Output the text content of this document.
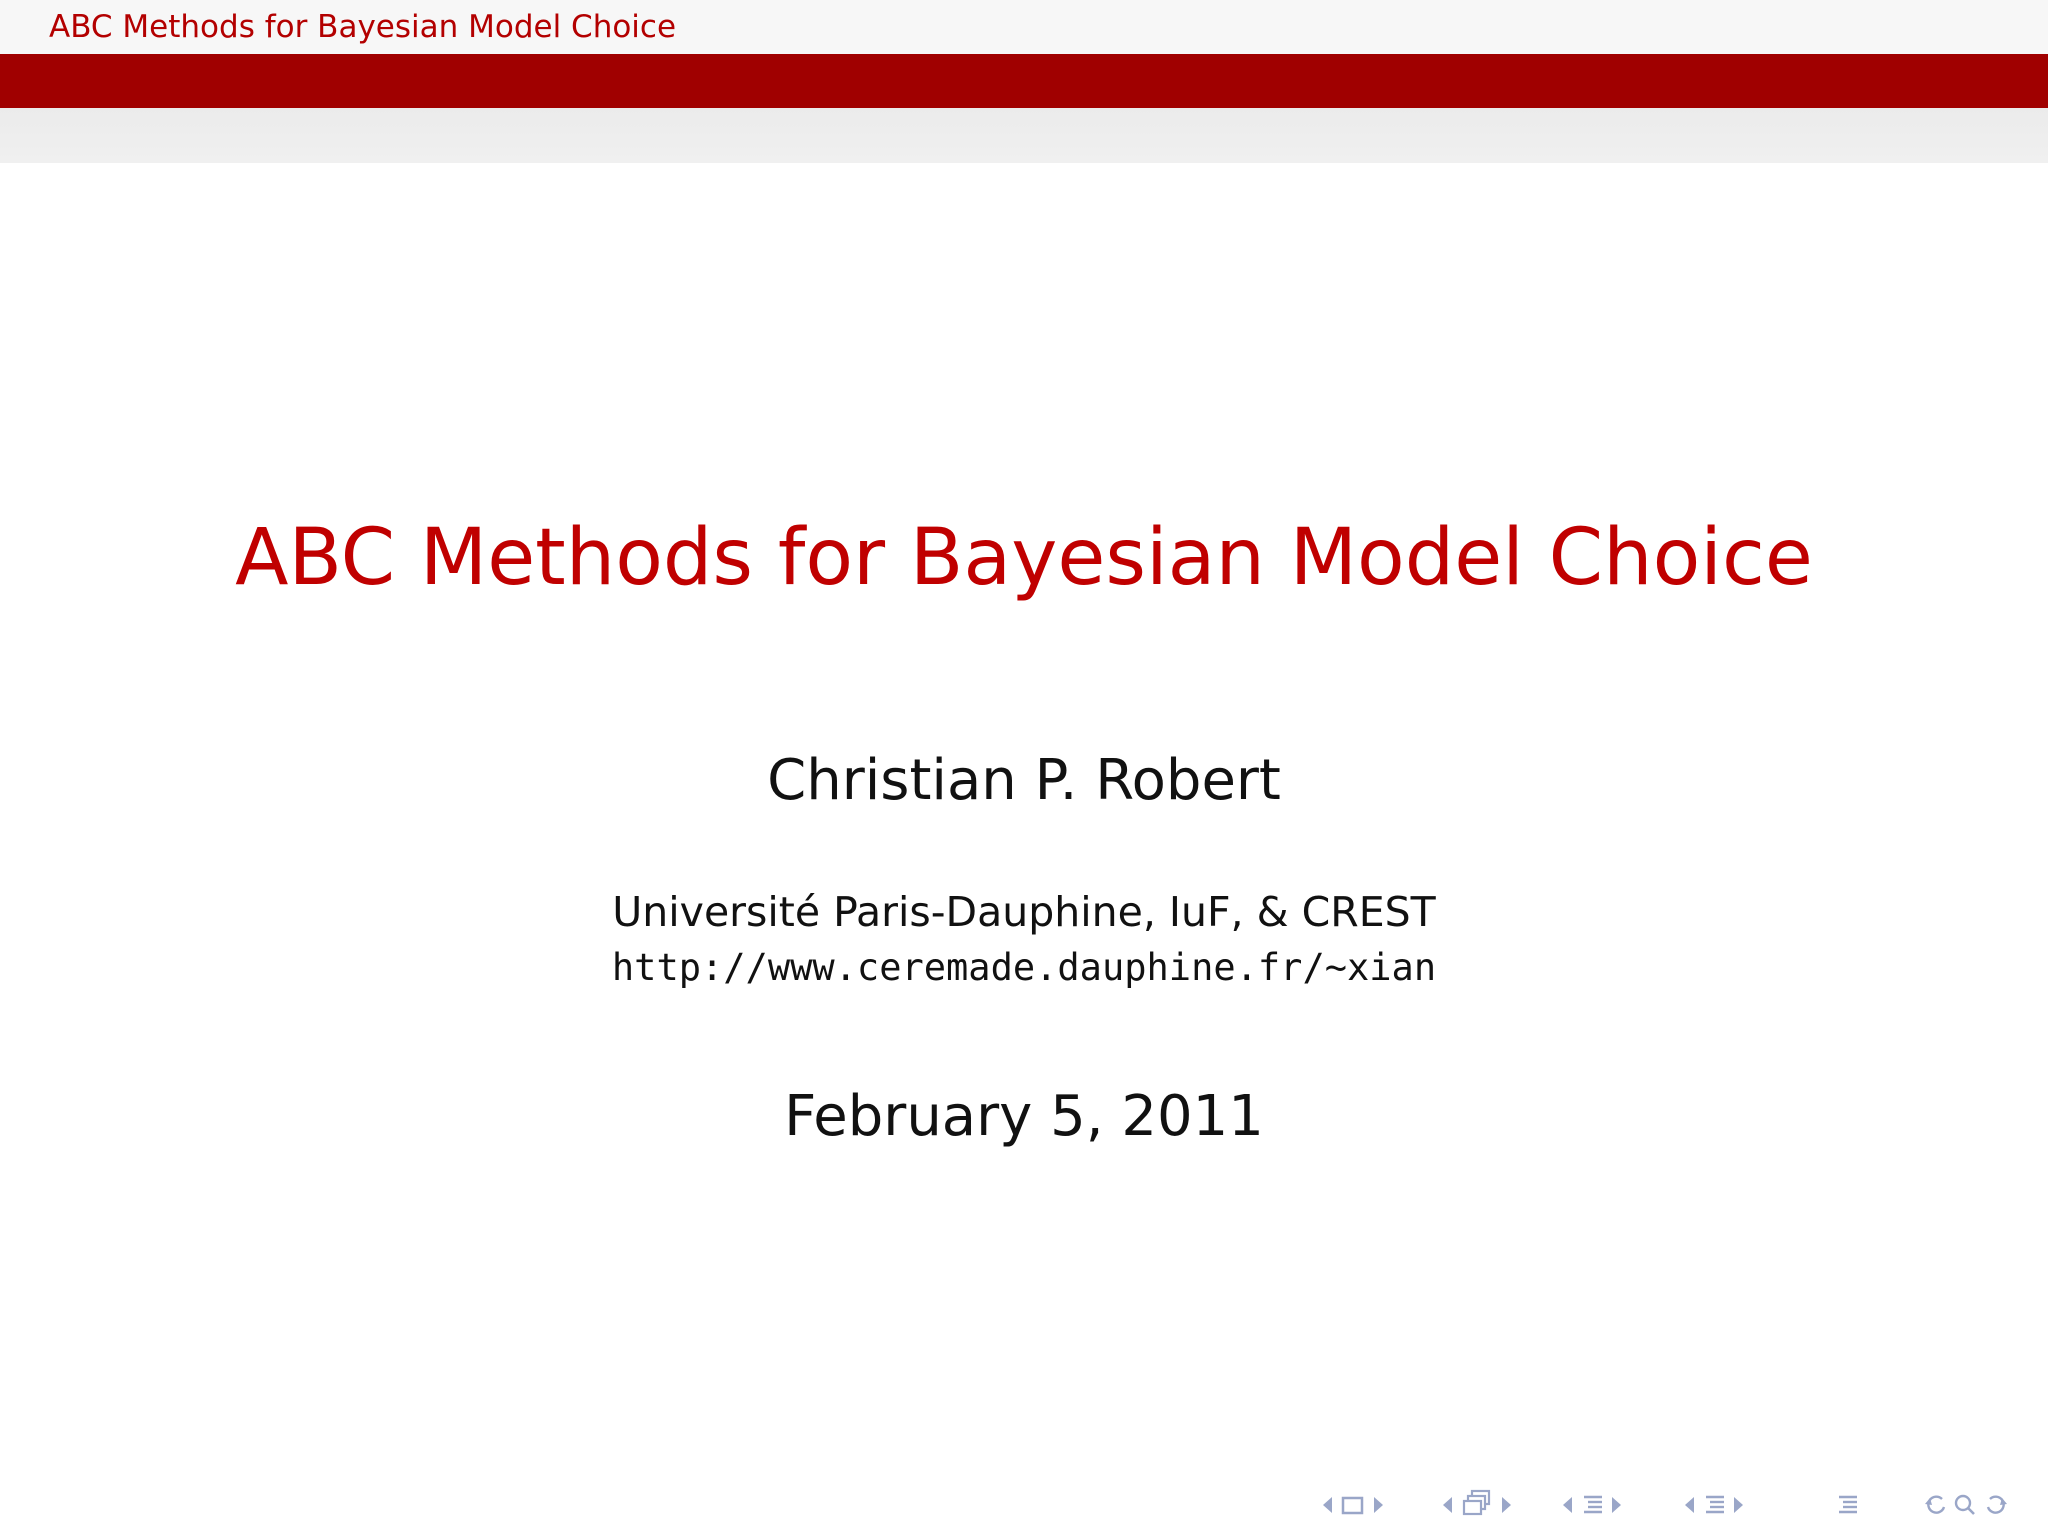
ABC Methods for Bayesian Model Choice
ABC Methods for Bayesian Model Choice
Christian P. Robert
Université Paris-Dauphine, IuF, & CREST
http://www.ceremade.dauphine.fr/~xian
February 5, 2011
